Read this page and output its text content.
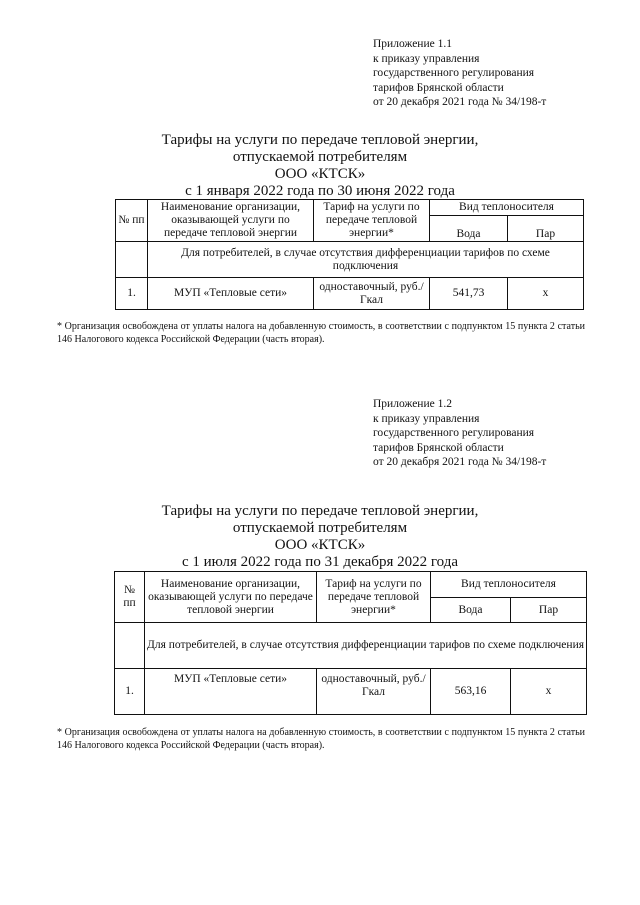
Приложение 1.1
к приказу управления
государственного регулирования
тарифов Брянской области
от 20 декабря 2021 года № 34/198-т
Тарифы на услуги по передаче тепловой энергии,
отпускаемой потребителям
ООО «КТСК»
с 1 января 2022 года по 30 июня 2022 года
№ пп	Наименование организации, оказывающей услуги по передаче тепловой энергии	Тариф на услуги по передаче тепловой энергии*	Вид теплоносителя	
			Вода	Пар
	Для потребителей, в случае отсутствия дифференциации тарифов по схеме подключения			
1.	МУП «Тепловые сети»	одноставочный, руб./Гкал	541,73	х
* Организация освобождена от уплаты налога на добавленную стоимость, в соответствии с подпунктом 15 пункта 2 статьи 146 Налогового кодекса Российской Федерации (часть вторая).
Приложение 1.2
к приказу управления
государственного регулирования
тарифов Брянской области
от 20 декабря 2021 года № 34/198-т
Тарифы на услуги по передаче тепловой энергии,
отпускаемой потребителям
ООО «КТСК»
с 1 июля 2022 года по 31 декабря 2022 года
№ пп	Наименование организации, оказывающей услуги по передаче тепловой энергии	Тариф на услуги по передаче тепловой энергии*	Вид теплоносителя	
			Вода	Пар
	Для потребителей, в случае отсутствия дифференциации тарифов по схеме подключения			
1.	МУП «Тепловые сети»	одноставочный, руб./Гкал	563,16	х
* Организация освобождена от уплаты налога на добавленную стоимость, в соответствии с подпунктом 15 пункта 2 статьи 146 Налогового кодекса Российской Федерации (часть вторая).
